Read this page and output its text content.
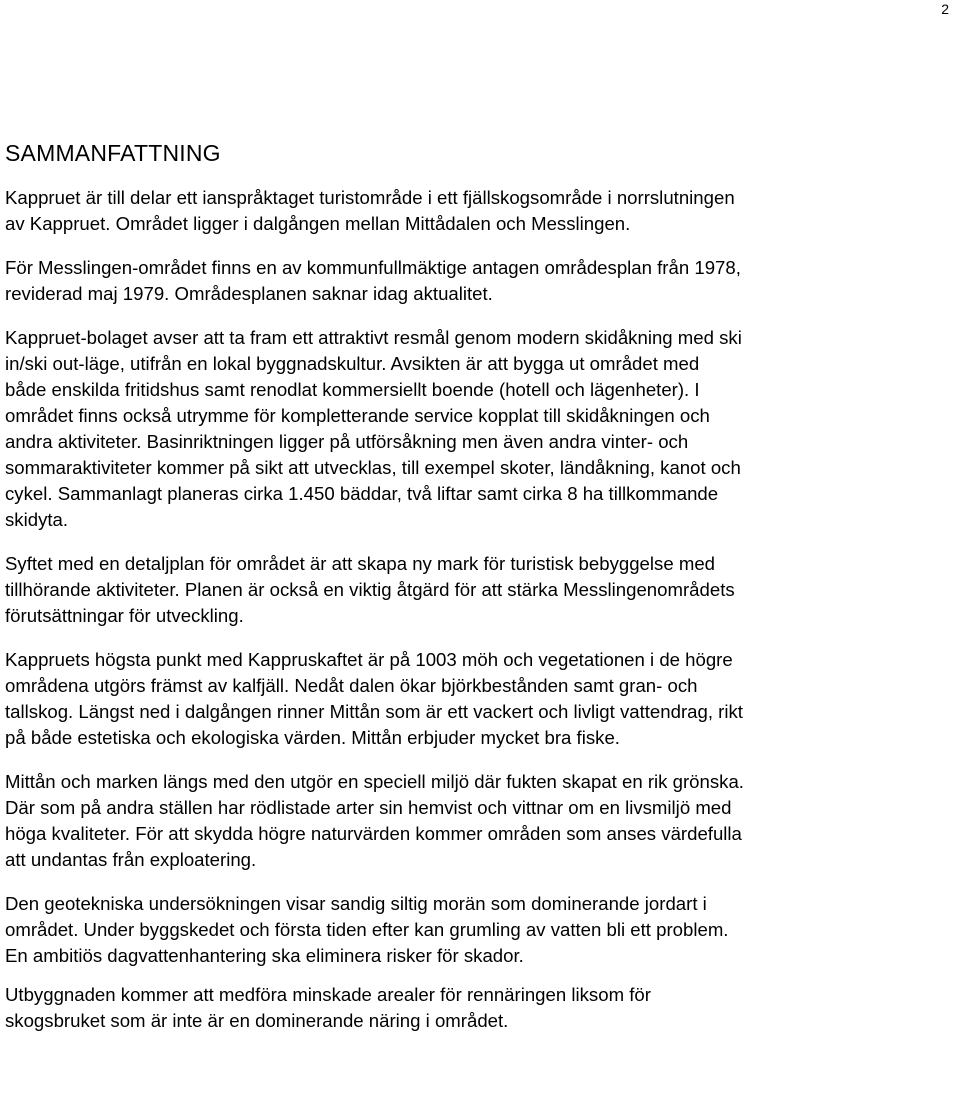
2
SAMMANFATTNING

Kappruet är till delar ett ianspråktaget turistområde i ett fjällskogsområde i norrslutningen
av Kappruet. Området ligger i dalgången mellan Mittådalen och Messlingen.

För Messlingen-området finns en av kommunfullmäktige antagen områdesplan från 1978,
reviderad maj 1979. Områdesplanen saknar idag aktualitet.

Kappruet-bolaget avser att ta fram ett attraktivt resmål genom modern skidåkning med ski
in/ski out-läge, utifrån en lokal byggnadskultur. Avsikten är att bygga ut området med
både enskilda fritidshus samt renodlat kommersiellt boende (hotell och lägenheter). I
området finns också utrymme för kompletterande service kopplat till skidåkningen och
andra aktiviteter. Basinriktningen ligger på utförsåkning men även andra vinter- och
sommaraktiviteter kommer på sikt att utvecklas, till exempel skoter, ländåkning, kanot och
cykel. Sammanlagt planeras cirka 1.450 bäddar, två liftar samt cirka 8 ha tillkommande
skidyta.

Syftet med en detaljplan för området är att skapa ny mark för turistisk bebyggelse med
tillhörande aktiviteter. Planen är också en viktig åtgärd för att stärka Messlingenområdets
förutsättningar för utveckling.

Kappruets högsta punkt med Kappruskaftet är på 1003 möh och vegetationen i de högre
områdena utgörs främst av kalfjäll. Nedåt dalen ökar björkbestånden samt gran- och
tallskog. Längst ned i dalgången rinner Mittån som är ett vackert och livligt vattendrag, rikt
på både estetiska och ekologiska värden. Mittån erbjuder mycket bra fiske.

Mittån och marken längs med den utgör en speciell miljö där fukten skapat en rik grönska.
Där som på andra ställen har rödlistade arter sin hemvist och vittnar om en livsmiljö med
höga kvaliteter. För att skydda högre naturvärden kommer områden som anses värdefulla
att undantas från exploatering.

Den geotekniska undersökningen visar sandig siltig morän som dominerande jordart i
området. Under byggskedet och första tiden efter kan grumling av vatten bli ett problem.
En ambitiös dagvattenhantering ska eliminera risker för skador.

Utbyggnaden kommer att medföra minskade arealer för rennäringen liksom för
skogsbruket som är inte är en dominerande näring i området.
